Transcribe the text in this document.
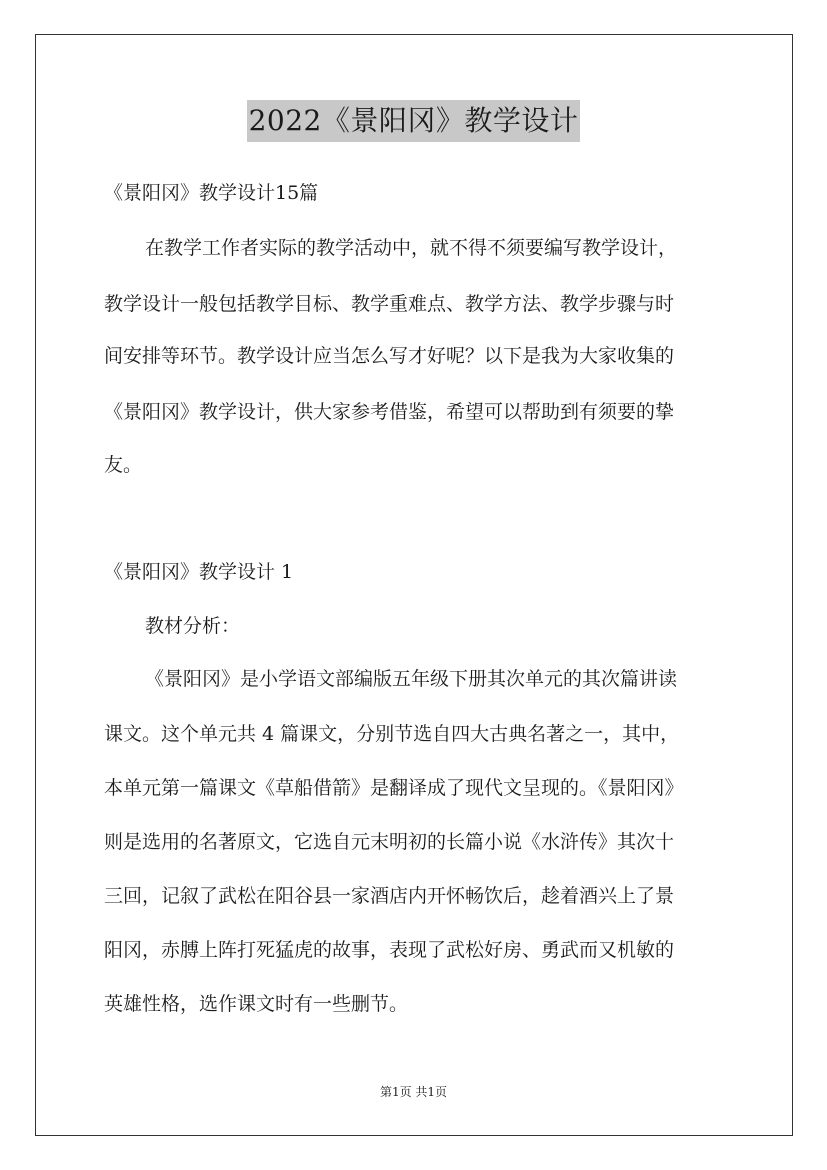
2022《景阳冈》教学设计
《景阳冈》教学设计15篇
在教学工作者实际的教学活动中，就不得不须要编写教学设计，
教学设计一般包括教学目标、教学重难点、教学方法、教学步骤与时
间安排等环节。教学设计应当怎么写才好呢？以下是我为大家收集的
《景阳冈》教学设计，供大家参考借鉴，希望可以帮助到有须要的挚
友。
《景阳冈》教学设计 1
教材分析：
《景阳冈》是小学语文部编版五年级下册其次单元的其次篇讲读
课文。这个单元共 4 篇课文，分别节选自四大古典名著之一，其中，
本单元第一篇课文《草船借箭》是翻译成了现代文呈现的。《景阳冈》
则是选用的名著原文，它选自元末明初的长篇小说《水浒传》其次十
三回，记叙了武松在阳谷县一家酒店内开怀畅饮后，趁着酒兴上了景
阳冈，赤膊上阵打死猛虎的故事，表现了武松好房、勇武而又机敏的
英雄性格，选作课文时有一些删节。
第1页 共1页
